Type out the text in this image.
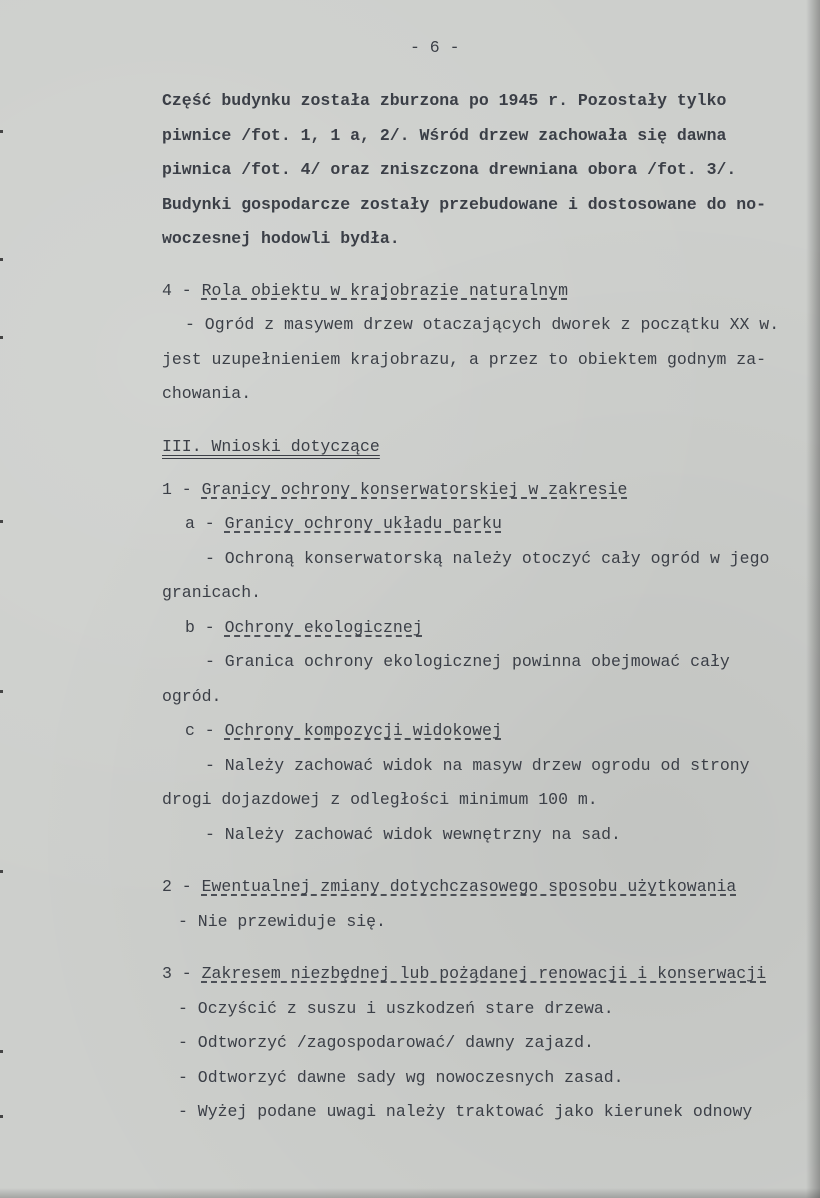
- 6 -
Część budynku została zburzona po 1945 r. Pozostały tylko
piwnice /fot. 1, 1 a, 2/. Wśród drzew zachowała się dawna
piwnica /fot. 4/ oraz zniszczona drewniana obora /fot. 3/.
Budynki gospodarcze zostały przebudowane i dostosowane do no-
woczesnej hodowli bydła.
4 - Rola obiektu w krajobrazie naturalnym
- Ogród z masywem drzew otaczających dworek z początku XX w.
jest uzupełnieniem krajobrazu, a przez to obiektem godnym za-
chowania.
III. Wnioski dotyczące
1 - Granicy ochrony konserwatorskiej w zakresie
a - Granicy ochrony układu parku
- Ochroną konserwatorską należy otoczyć cały ogród w jego
granicach.
b - Ochrony ekologicznej
- Granica ochrony ekologicznej powinna obejmować cały
ogród.
c - Ochrony kompozycji widokowej
- Należy zachować widok na masyw drzew ogrodu od strony
drogi dojazdowej z odległości minimum 100 m.
- Należy zachować widok wewnętrzny na sad.
2 - Ewentualnej zmiany dotychczasowego sposobu użytkowania
- Nie przewiduje się.
3 - Zakresem niezbędnej lub pożądanej renowacji i konserwacji
- Oczyścić z suszu i uszkodzeń stare drzewa.
- Odtworzyć /zagospodarować/ dawny zajazd.
- Odtworzyć dawne sady wg nowoczesnych zasad.
- Wyżej podane uwagi należy traktować jako kierunek odnowy
